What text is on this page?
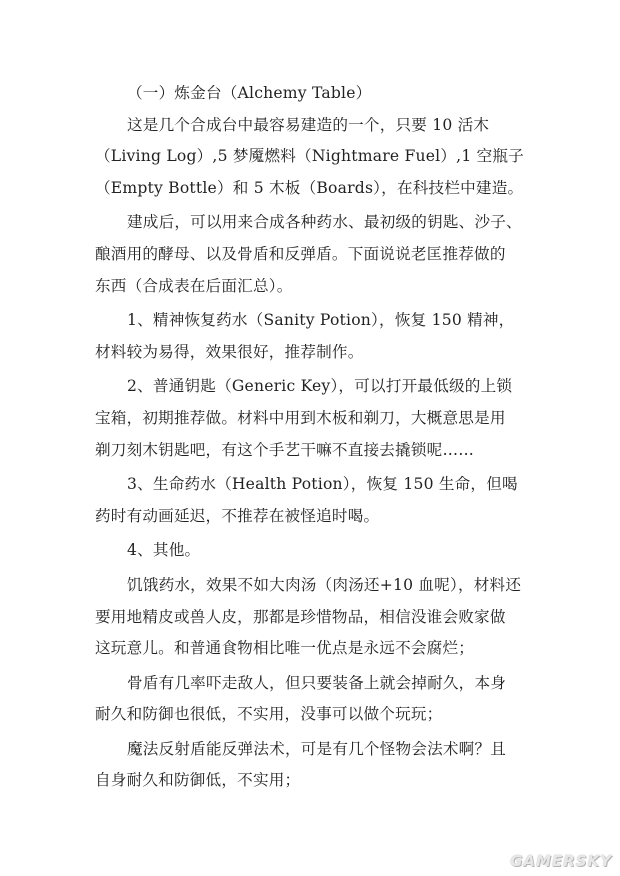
（一）炼金台（Alchemy Table）
这是几个合成台中最容易建造的一个，只要 10 活木
（Living Log）,5 梦魇燃料（Nightmare Fuel）,1 空瓶子
（Empty Bottle）和 5 木板（Boards），在科技栏中建造。
建成后，可以用来合成各种药水、最初级的钥匙、沙子、
酿酒用的酵母、以及骨盾和反弹盾。下面说说老匡推荐做的
东西（合成表在后面汇总）。
1、精神恢复药水（Sanity Potion），恢复 150 精神，
材料较为易得，效果很好，推荐制作。
2、普通钥匙（Generic Key），可以打开最低级的上锁
宝箱，初期推荐做。材料中用到木板和剃刀，大概意思是用
剃刀刻木钥匙吧，有这个手艺干嘛不直接去撬锁呢……
3、生命药水（Health Potion），恢复 150 生命，但喝
药时有动画延迟，不推荐在被怪追时喝。
4、其他。
饥饿药水，效果不如大肉汤（肉汤还+10 血呢），材料还
要用地精皮或兽人皮，那都是珍惜物品，相信没谁会败家做
这玩意儿。和普通食物相比唯一优点是永远不会腐烂；
骨盾有几率吓走敌人，但只要装备上就会掉耐久，本身
耐久和防御也很低，不实用，没事可以做个玩玩；
魔法反射盾能反弹法术，可是有几个怪物会法术啊？且
自身耐久和防御低，不实用；
GAMERSKY
